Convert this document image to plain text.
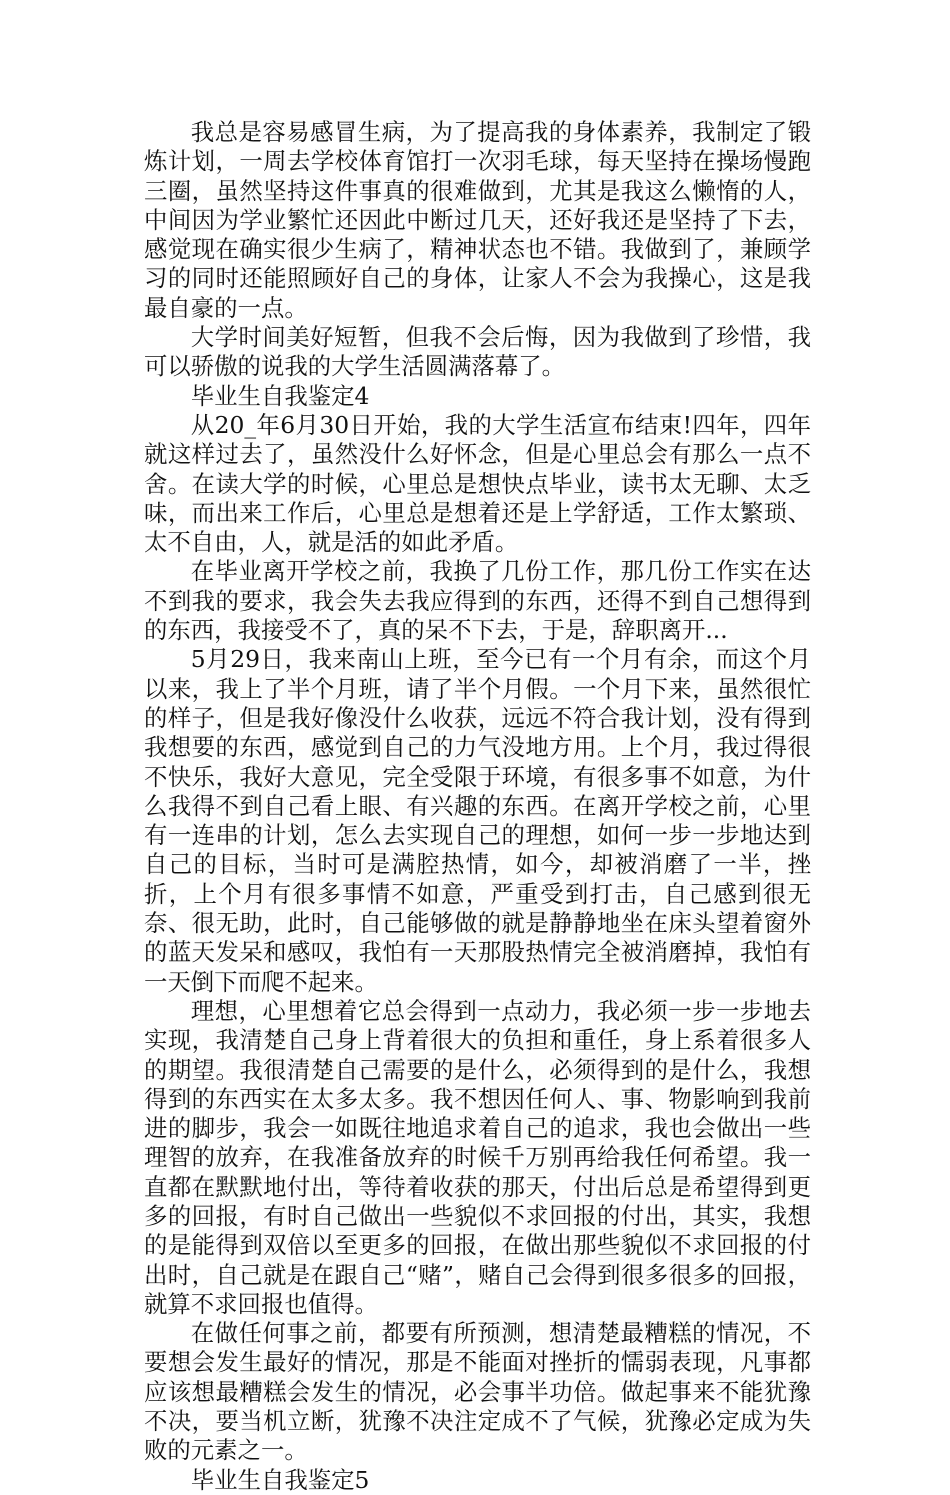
我总是容易感冒生病，为了提高我的身体素养，我制定了锻炼计划，一周去学校体育馆打一次羽毛球，每天坚持在操场慢跑三圈，虽然坚持这件事真的很难做到，尤其是我这么懒惰的人，中间因为学业繁忙还因此中断过几天，还好我还是坚持了下去，感觉现在确实很少生病了，精神状态也不错。我做到了，兼顾学习的同时还能照顾好自己的身体，让家人不会为我操心，这是我最自豪的一点。

大学时间美好短暂，但我不会后悔，因为我做到了珍惜，我可以骄傲的说我的大学生活圆满落幕了。

毕业生自我鉴定4

从20_年6月30日开始，我的大学生活宣布结束!四年，四年就这样过去了，虽然没什么好怀念，但是心里总会有那么一点不舍。在读大学的时候，心里总是想快点毕业，读书太无聊、太乏味，而出来工作后，心里总是想着还是上学舒适，工作太繁琐、太不自由，人，就是活的如此矛盾。

在毕业离开学校之前，我换了几份工作，那几份工作实在达不到我的要求，我会失去我应得到的东西，还得不到自己想得到的东西，我接受不了，真的呆不下去，于是，辞职离开...

5月29日，我来南山上班，至今已有一个月有余，而这个月以来，我上了半个月班，请了半个月假。一个月下来，虽然很忙的样子，但是我好像没什么收获，远远不符合我计划，没有得到我想要的东西，感觉到自己的力气没地方用。上个月，我过得很不快乐，我好大意见，完全受限于环境，有很多事不如意，为什么我得不到自己看上眼、有兴趣的东西。在离开学校之前，心里有一连串的计划，怎么去实现自己的理想，如何一步一步地达到自己的目标，当时可是满腔热情，如今，却被消磨了一半，挫折，上个月有很多事情不如意，严重受到打击，自己感到很无奈、很无助，此时，自己能够做的就是静静地坐在床头望着窗外的蓝天发呆和感叹，我怕有一天那股热情完全被消磨掉，我怕有一天倒下而爬不起来。

理想，心里想着它总会得到一点动力，我必须一步一步地去实现，我清楚自己身上背着很大的负担和重任，身上系着很多人的期望。我很清楚自己需要的是什么，必须得到的是什么，我想得到的东西实在太多太多。我不想因任何人、事、物影响到我前进的脚步，我会一如既往地追求着自己的追求，我也会做出一些理智的放弃，在我准备放弃的时候千万别再给我任何希望。我一直都在默默地付出，等待着收获的那天，付出后总是希望得到更多的回报，有时自己做出一些貌似不求回报的付出，其实，我想的是能得到双倍以至更多的回报，在做出那些貌似不求回报的付出时，自己就是在跟自己“赌”，赌自己会得到很多很多的回报，就算不求回报也值得。

在做任何事之前，都要有所预测，想清楚最糟糕的情况，不要想会发生最好的情况，那是不能面对挫折的懦弱表现，凡事都应该想最糟糕会发生的情况，必会事半功倍。做起事来不能犹豫不决，要当机立断，犹豫不决注定成不了气候，犹豫必定成为失败的元素之一。

毕业生自我鉴定5
